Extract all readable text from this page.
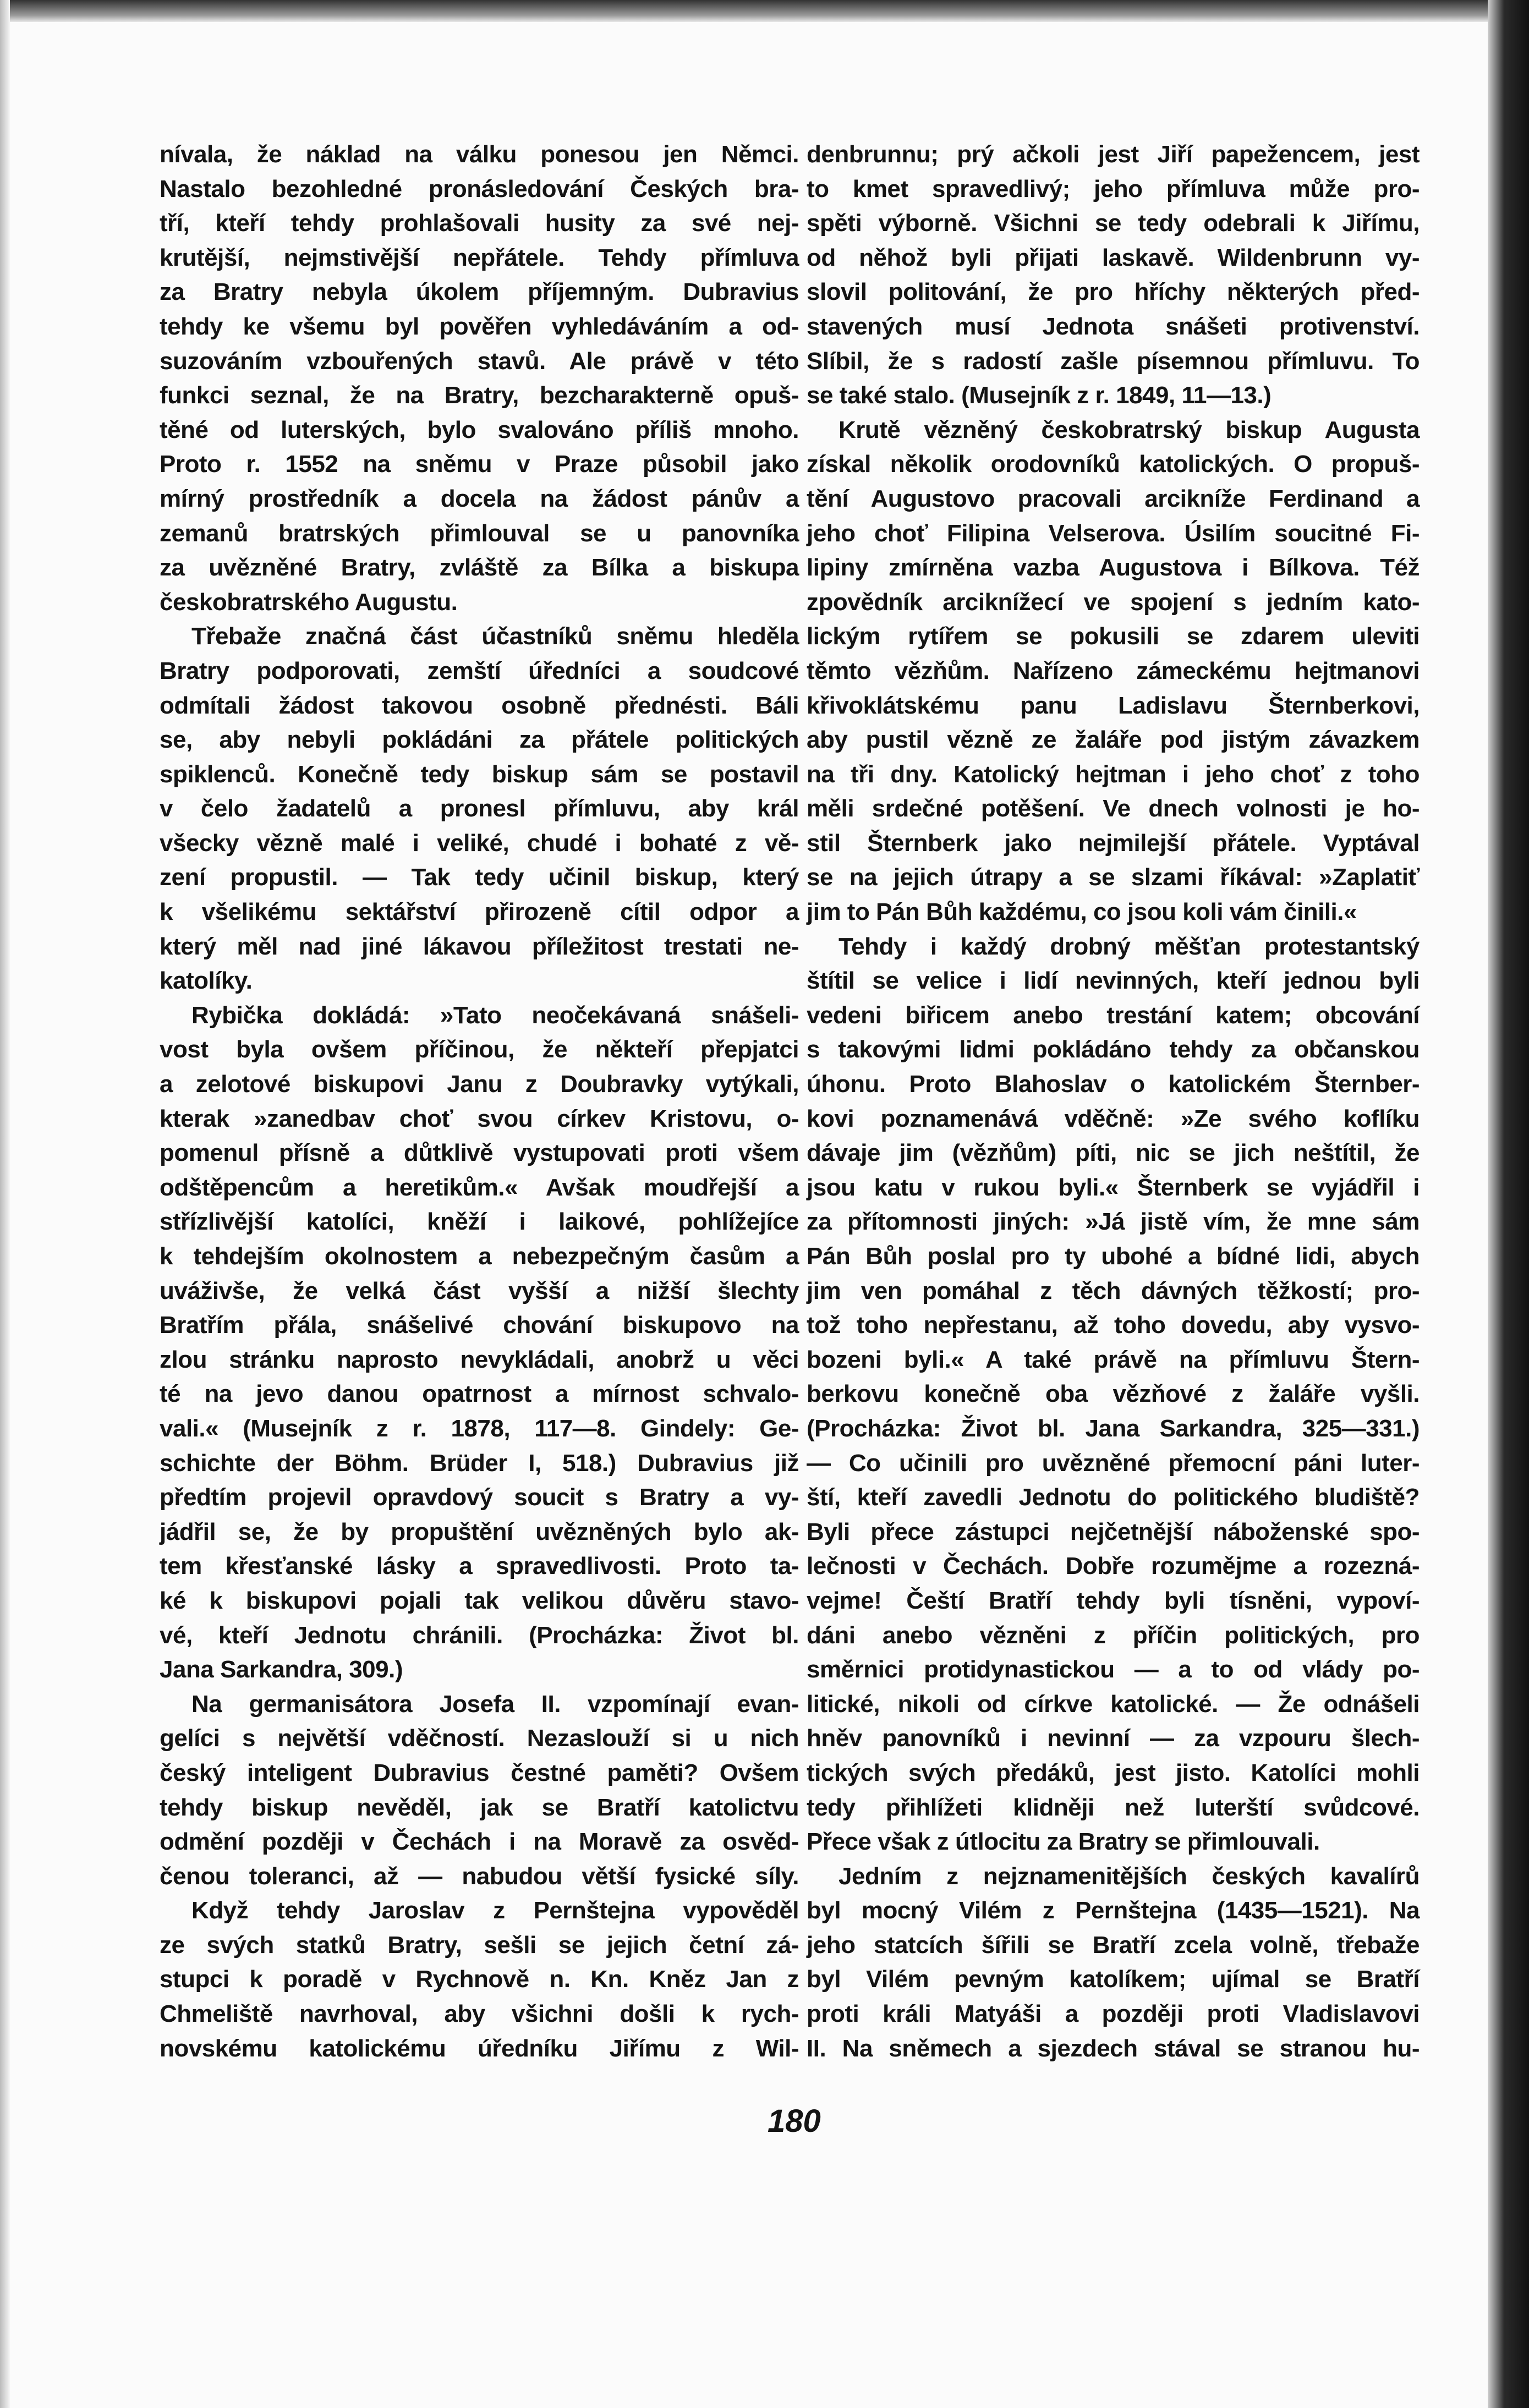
nívala, že náklad na válku ponesou jen Němci.
Nastalo bezohledné pronásledování Českých bra-
tří, kteří tehdy prohlašovali husity za své nej-
krutější, nejmstivější nepřátele. Tehdy přímluva
za Bratry nebyla úkolem příjemným. Dubravius
tehdy ke všemu byl pověřen vyhledáváním a od-
suzováním vzbouřených stavů. Ale právě v této
funkci seznal, že na Bratry, bezcharakterně opuš-
těné od luterských, bylo svalováno příliš mnoho.
Proto r. 1552 na sněmu v Praze působil jako
mírný prostředník a docela na žádost pánův a
zemanů bratrských přimlouval se u panovníka
za uvězněné Bratry, zvláště za Bílka a biskupa
českobratrského Augustu.
Třebaže značná část účastníků sněmu hleděla
Bratry podporovati, zemští úředníci a soudcové
odmítali žádost takovou osobně přednésti. Báli
se, aby nebyli pokládáni za přátele politických
spiklenců. Konečně tedy biskup sám se postavil
v čelo žadatelů a pronesl přímluvu, aby král
všecky vězně malé i veliké, chudé i bohaté z vě-
zení propustil. — Tak tedy učinil biskup, který
k všelikému sektářství přirozeně cítil odpor a
který měl nad jiné lákavou příležitost trestati ne-
katolíky.
Rybička dokládá: »Tato neočekávaná snášeli-
vost byla ovšem příčinou, že někteří přepjatci
a zelotové biskupovi Janu z Doubravky vytýkali,
kterak »zanedbav choť svou církev Kristovu, o-
pomenul přísně a důtklivě vystupovati proti všem
odštěpencům a heretikům.« Avšak moudřejší a
střízlivější katolíci, kněží i laikové, pohlížejíce
k tehdejším okolnostem a nebezpečným časům a
uváživše, že velká část vyšší a nižší šlechty
Bratřím přála, snášelivé chování biskupovo na
zlou stránku naprosto nevykládali, anobrž u věci
té na jevo danou opatrnost a mírnost schvalo-
vali.« (Musejník z r. 1878, 117—8. Gindely: Ge-
schichte der Böhm. Brüder I, 518.) Dubravius již
předtím projevil opravdový soucit s Bratry a vy-
jádřil se, že by propuštění uvězněných bylo ak-
tem křesťanské lásky a spravedlivosti. Proto ta-
ké k biskupovi pojali tak velikou důvěru stavo-
vé, kteří Jednotu chránili. (Procházka: Život bl.
Jana Sarkandra, 309.)
Na germanisátora Josefa II. vzpomínají evan-
gelíci s největší vděčností. Nezaslouží si u nich
český inteligent Dubravius čestné paměti? Ovšem
tehdy biskup nevěděl, jak se Bratří katolictvu
odmění později v Čechách i na Moravě za osvěd-
čenou toleranci, až — nabudou větší fysické síly.
Když tehdy Jaroslav z Pernštejna vypověděl
ze svých statků Bratry, sešli se jejich četní zá-
stupci k poradě v Rychnově n. Kn. Kněz Jan z
Chmeliště navrhoval, aby všichni došli k rych-
novskému katolickému úředníku Jiřímu z Wil-
denbrunnu; prý ačkoli jest Jiří papežencem, jest
to kmet spravedlivý; jeho přímluva může pro-
spěti výborně. Všichni se tedy odebrali k Jiřímu,
od něhož byli přijati laskavě. Wildenbrunn vy-
slovil politování, že pro hříchy některých před-
stavených musí Jednota snášeti protivenství.
Slíbil, že s radostí zašle písemnou přímluvu. To
se také stalo. (Musejník z r. 1849, 11—13.)
Krutě vězněný českobratrský biskup Augusta
získal několik orodovníků katolických. O propuš-
tění Augustovo pracovali arcikníže Ferdinand a
jeho choť Filipina Velserova. Úsilím soucitné Fi-
lipiny zmírněna vazba Augustova i Bílkova. Též
zpovědník arciknížecí ve spojení s jedním kato-
lickým rytířem se pokusili se zdarem uleviti
těmto vězňům. Nařízeno zámeckému hejtmanovi
křivoklátskému panu Ladislavu Šternberkovi,
aby pustil vězně ze žaláře pod jistým závazkem
na tři dny. Katolický hejtman i jeho choť z toho
měli srdečné potěšení. Ve dnech volnosti je ho-
stil Šternberk jako nejmilejší přátele. Vyptával
se na jejich útrapy a se slzami říkával: »Zaplatiť
jim to Pán Bůh každému, co jsou koli vám činili.«
Tehdy i každý drobný měšťan protestantský
štítil se velice i lidí nevinných, kteří jednou byli
vedeni biřicem anebo trestání katem; obcování
s takovými lidmi pokládáno tehdy za občanskou
úhonu. Proto Blahoslav o katolickém Šternber-
kovi poznamenává vděčně: »Ze svého koflíku
dávaje jim (vězňům) píti, nic se jich neštítil, že
jsou katu v rukou byli.« Šternberk se vyjádřil i
za přítomnosti jiných: »Já jistě vím, že mne sám
Pán Bůh poslal pro ty ubohé a bídné lidi, abych
jim ven pomáhal z těch dávných těžkostí; pro-
tož toho nepřestanu, až toho dovedu, aby vysvo-
bozeni byli.« A také právě na přímluvu Štern-
berkovu konečně oba vězňové z žaláře vyšli.
(Procházka: Život bl. Jana Sarkandra, 325—331.)
— Co učinili pro uvězněné přemocní páni luter-
ští, kteří zavedli Jednotu do politického bludiště?
Byli přece zástupci nejčetnější náboženské spo-
lečnosti v Čechách. Dobře rozumějme a rozezná-
vejme! Čeští Bratří tehdy byli tísněni, vypoví-
dáni anebo vězněni z příčin politických, pro
směrnici protidynastickou — a to od vlády po-
litické, nikoli od církve katolické. — Že odnášeli
hněv panovníků i nevinní — za vzpouru šlech-
tických svých předáků, jest jisto. Katolíci mohli
tedy přihlížeti klidněji než luterští svůdcové.
Přece však z útlocitu za Bratry se přimlouvali.
Jedním z nejznamenitějších českých kavalírů
byl mocný Vilém z Pernštejna (1435—1521). Na
jeho statcích šířili se Bratří zcela volně, třebaže
byl Vilém pevným katolíkem; ujímal se Bratří
proti králi Matyáši a později proti Vladislavovi
II. Na sněmech a sjezdech stával se stranou hu-
180
